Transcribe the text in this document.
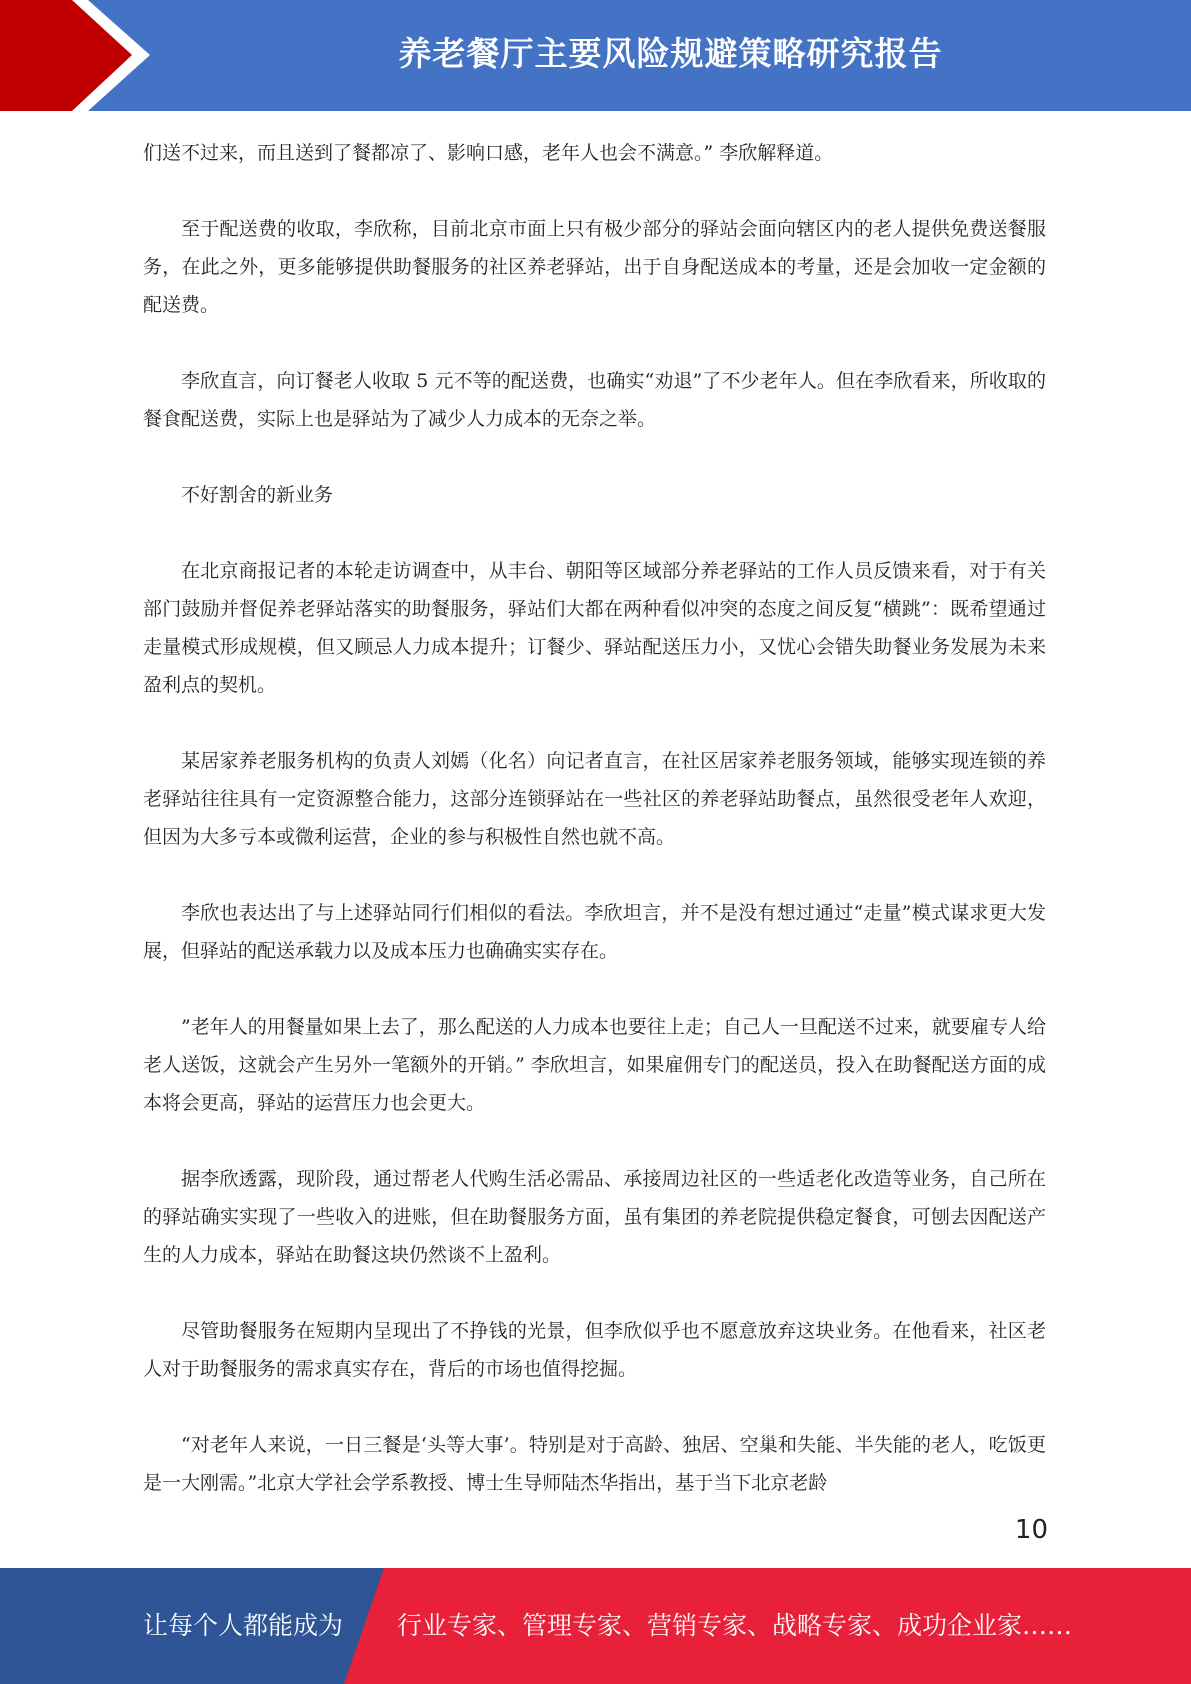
养老餐厅主要风险规避策略研究报告

们送不过来，而且送到了餐都凉了、影响口感，老年人也会不满意。” 李欣解释道。

至于配送费的收取，李欣称，目前北京市面上只有极少部分的驿站会面向辖区内的老人提供免费送餐服务，在此之外，更多能够提供助餐服务的社区养老驿站，出于自身配送成本的考量，还是会加收一定金额的配送费。

李欣直言，向订餐老人收取 5 元不等的配送费，也确实“劝退”了不少老年人。但在李欣看来，所收取的餐食配送费，实际上也是驿站为了减少人力成本的无奈之举。

不好割舍的新业务

在北京商报记者的本轮走访调查中，从丰台、朝阳等区域部分养老驿站的工作人员反馈来看，对于有关部门鼓励并督促养老驿站落实的助餐服务，驿站们大都在两种看似冲突的态度之间反复“横跳”：既希望通过走量模式形成规模，但又顾忌人力成本提升；订餐少、驿站配送压力小，又忧心会错失助餐业务发展为未来盈利点的契机。

某居家养老服务机构的负责人刘嫣（化名）向记者直言，在社区居家养老服务领域，能够实现连锁的养老驿站往往具有一定资源整合能力，这部分连锁驿站在一些社区的养老驿站助餐点，虽然很受老年人欢迎，但因为大多亏本或微利运营，企业的参与积极性自然也就不高。

李欣也表达出了与上述驿站同行们相似的看法。李欣坦言，并不是没有想过通过“走量”模式谋求更大发展，但驿站的配送承载力以及成本压力也确确实实存在。

”老年人的用餐量如果上去了，那么配送的人力成本也要往上走；自己人一旦配送不过来，就要雇专人给老人送饭，这就会产生另外一笔额外的开销。” 李欣坦言，如果雇佣专门的配送员，投入在助餐配送方面的成本将会更高，驿站的运营压力也会更大。

据李欣透露，现阶段，通过帮老人代购生活必需品、承接周边社区的一些适老化改造等业务，自己所在的驿站确实实现了一些收入的进账，但在助餐服务方面，虽有集团的养老院提供稳定餐食，可刨去因配送产生的人力成本，驿站在助餐这块仍然谈不上盈利。

尽管助餐服务在短期内呈现出了不挣钱的光景，但李欣似乎也不愿意放弃这块业务。在他看来，社区老人对于助餐服务的需求真实存在，背后的市场也值得挖掘。

“对老年人来说，一日三餐是‘头等大事’。特别是对于高龄、独居、空巢和失能、半失能的老人，吃饭更是一大刚需。”北京大学社会学系教授、博士生导师陆杰华指出，基于当下北京老龄

10
让每个人都能成为 行业专家、管理专家、营销专家、战略专家、成功企业家……
